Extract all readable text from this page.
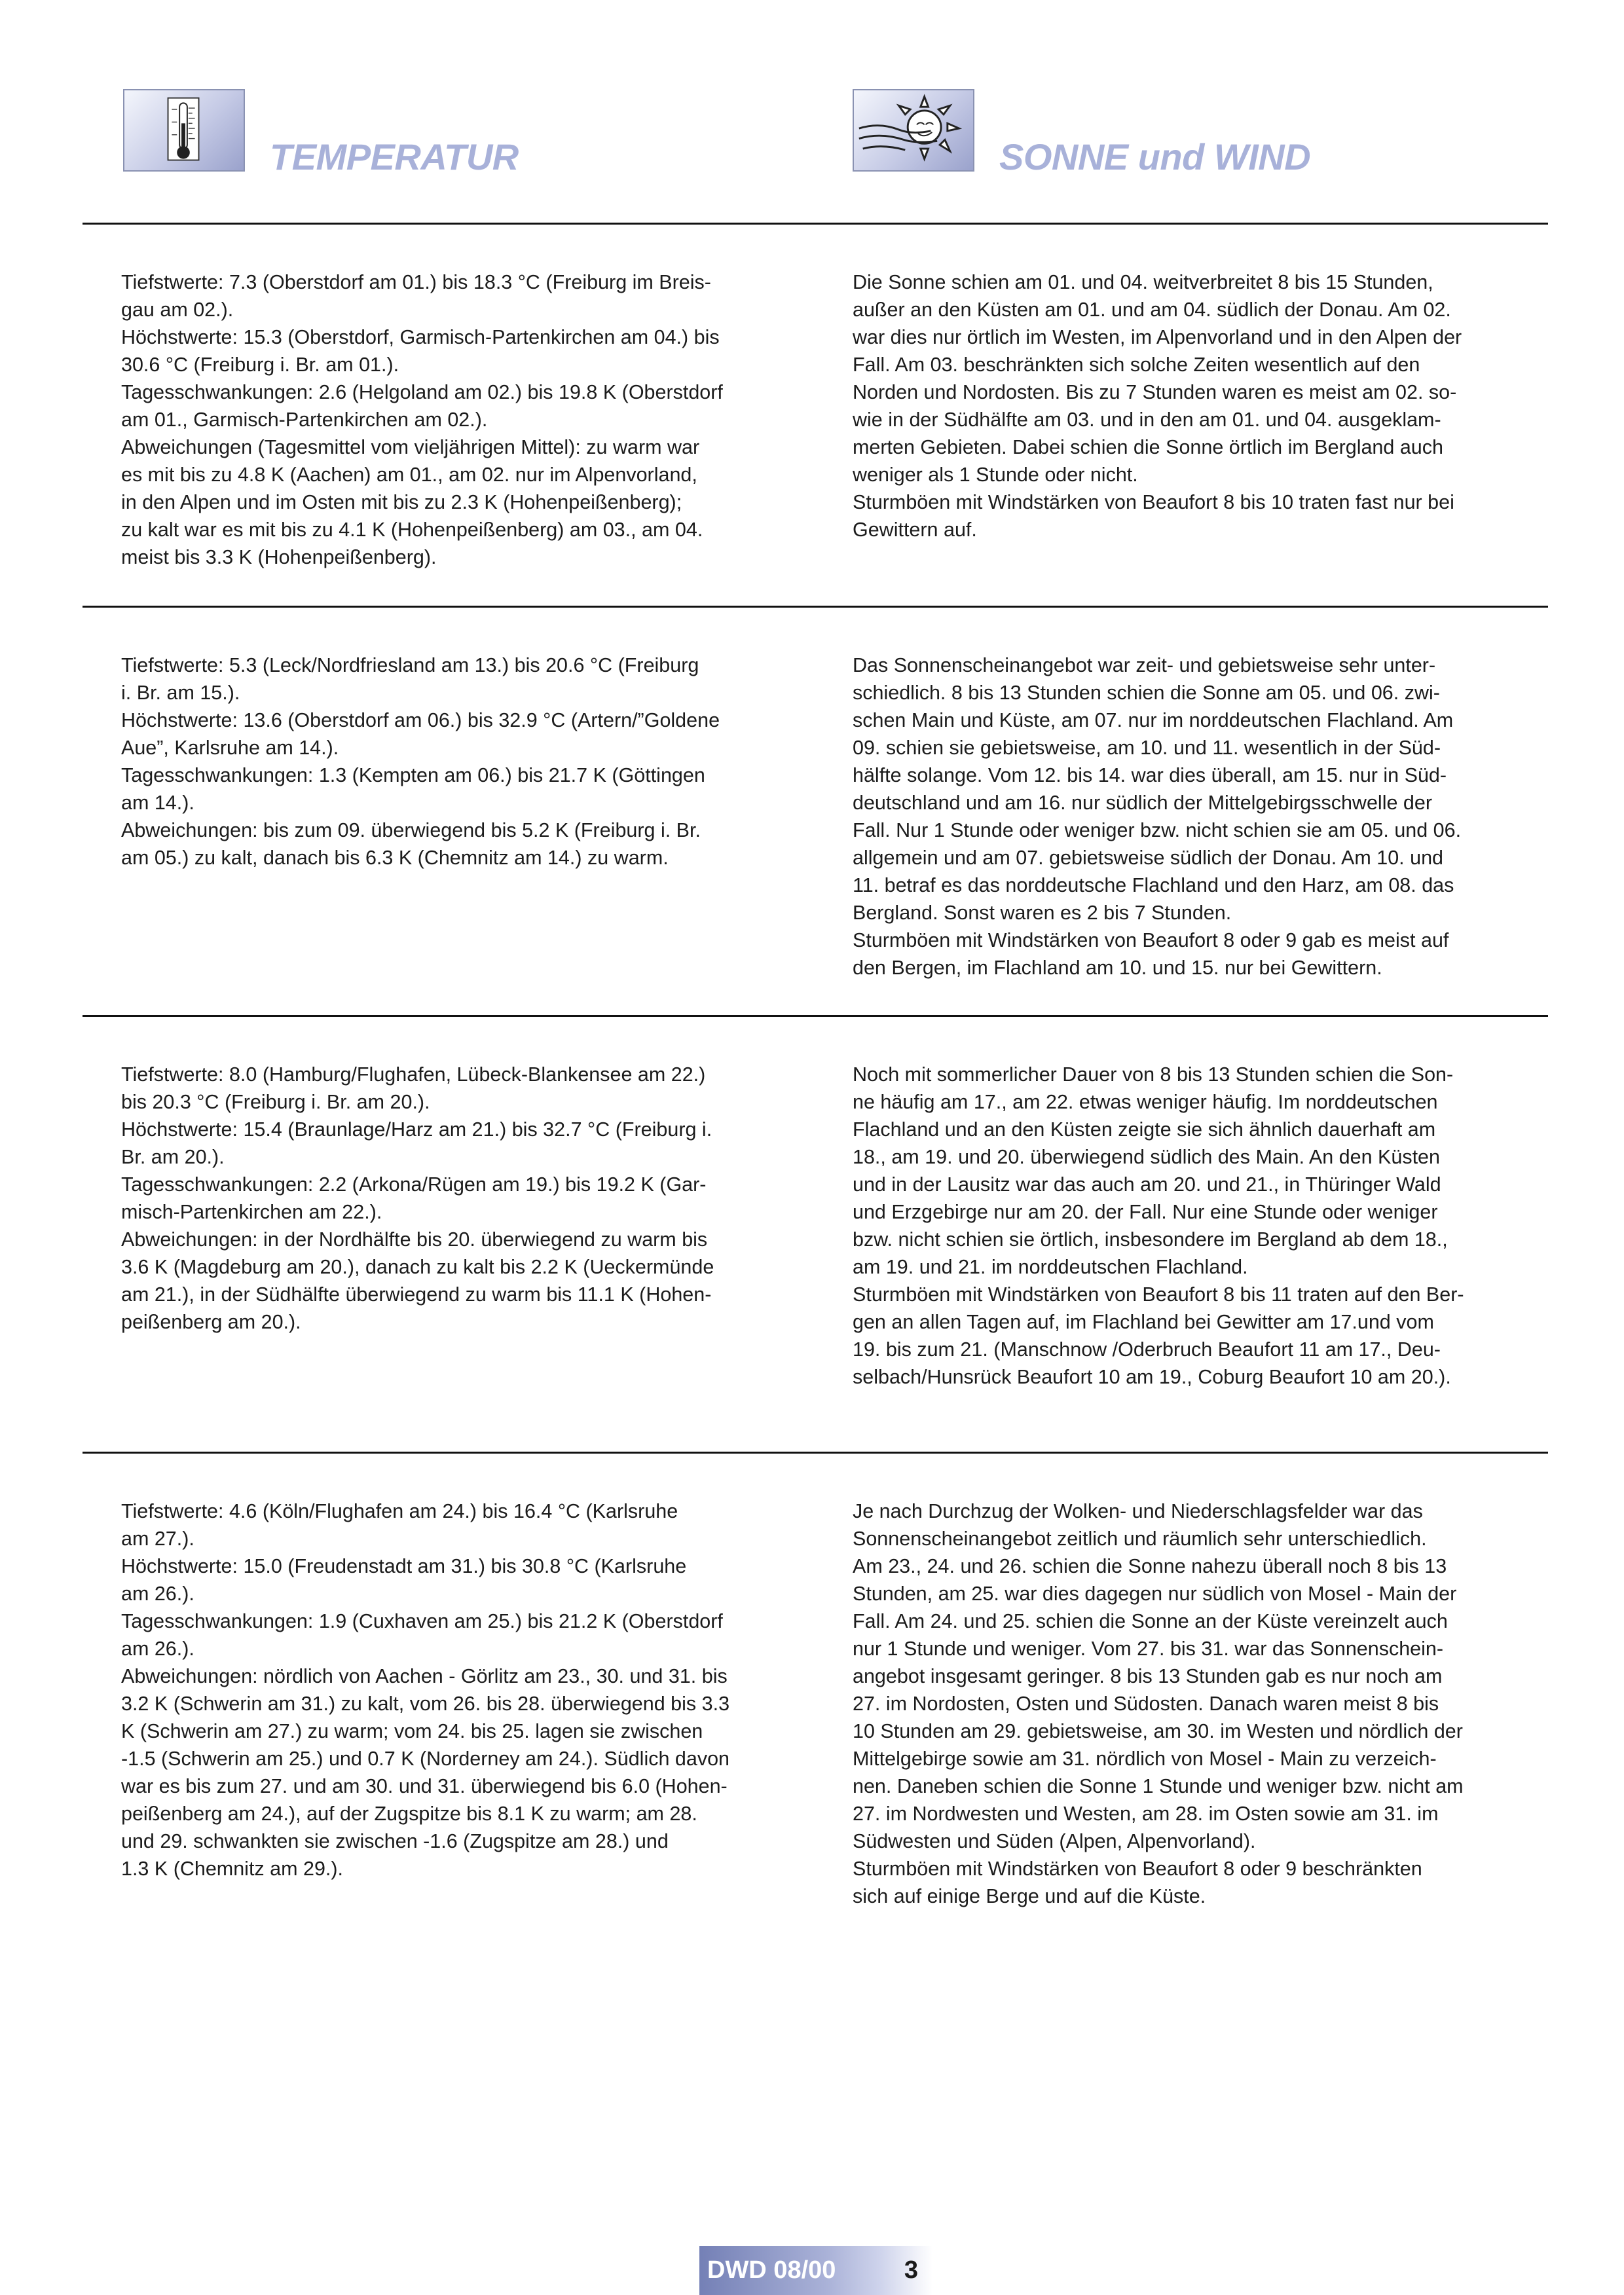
TEMPERATUR	SONNE und WIND
Tiefstwerte: 7.3 (Oberstdorf am 01.) bis 18.3 °C (Freiburg im Breis-
gau am 02.).
Höchstwerte: 15.3 (Oberstdorf, Garmisch-Partenkirchen am 04.) bis
30.6 °C (Freiburg i. Br. am 01.).
Tagesschwankungen: 2.6 (Helgoland am 02.) bis 19.8 K (Oberstdorf
am 01., Garmisch-Partenkirchen am 02.).
Abweichungen (Tagesmittel vom vieljährigen Mittel): zu warm war
es mit bis zu 4.8 K (Aachen) am 01., am 02. nur im Alpenvorland,
in den Alpen und im Osten mit bis zu 2.3 K (Hohenpeißenberg);
zu kalt war es mit bis zu 4.1 K (Hohenpeißenberg) am 03., am 04.
meist bis 3.3 K (Hohenpeißenberg).
Die Sonne schien am 01. und 04. weitverbreitet 8 bis 15 Stunden,
außer an den Küsten am 01. und am 04. südlich der Donau. Am 02.
war dies nur örtlich im Westen, im Alpenvorland und in den Alpen der
Fall. Am 03. beschränkten sich solche Zeiten wesentlich auf den
Norden und Nordosten. Bis zu 7 Stunden waren es meist am 02. so-
wie in der Südhälfte am 03. und in den am 01. und 04. ausgeklam-
merten Gebieten. Dabei schien die Sonne örtlich im Bergland auch
weniger als 1 Stunde oder nicht.
Sturmböen mit Windstärken von Beaufort 8 bis 10 traten fast nur bei
Gewittern auf.
Tiefstwerte: 5.3 (Leck/Nordfriesland am 13.) bis 20.6 °C (Freiburg
i. Br. am 15.).
Höchstwerte: 13.6 (Oberstdorf am 06.) bis 32.9 °C (Artern/”Goldene
Aue”, Karlsruhe am 14.).
Tagesschwankungen: 1.3 (Kempten am 06.) bis 21.7 K (Göttingen
am 14.).
Abweichungen: bis zum 09. überwiegend bis 5.2 K (Freiburg i. Br.
am 05.) zu kalt, danach bis 6.3 K (Chemnitz am 14.) zu warm.
Das Sonnenscheinangebot war zeit- und gebietsweise sehr unter-
schiedlich. 8 bis 13 Stunden schien die Sonne am 05. und 06. zwi-
schen Main und Küste, am 07. nur im norddeutschen Flachland. Am
09. schien sie gebietsweise, am 10. und 11. wesentlich in der Süd-
hälfte solange. Vom 12. bis 14. war dies überall, am 15. nur in Süd-
deutschland und am 16. nur südlich der Mittelgebirgsschwelle der
Fall. Nur 1 Stunde oder weniger bzw. nicht schien sie am 05. und 06.
allgemein und am 07. gebietsweise südlich der Donau. Am 10. und
11. betraf es das norddeutsche Flachland und den Harz, am 08. das
Bergland. Sonst waren es 2 bis 7 Stunden.
Sturmböen mit Windstärken von Beaufort 8 oder 9 gab es meist auf
den Bergen, im Flachland am 10. und 15. nur bei Gewittern.
Tiefstwerte: 8.0 (Hamburg/Flughafen, Lübeck-Blankensee am 22.)
bis 20.3 °C (Freiburg i. Br. am 20.).
Höchstwerte: 15.4 (Braunlage/Harz am 21.) bis 32.7 °C (Freiburg i.
Br. am 20.).
Tagesschwankungen: 2.2 (Arkona/Rügen am 19.) bis 19.2 K (Gar-
misch-Partenkirchen am 22.).
Abweichungen: in der Nordhälfte bis 20. überwiegend zu warm bis
3.6 K (Magdeburg am 20.), danach zu kalt bis 2.2 K (Ueckermünde
am 21.), in der Südhälfte überwiegend zu warm bis 11.1 K (Hohen-
peißenberg am 20.).
Noch mit sommerlicher Dauer von 8 bis 13 Stunden schien die Son-
ne häufig am 17., am 22. etwas weniger häufig. Im norddeutschen
Flachland und an den Küsten zeigte sie sich ähnlich dauerhaft am
18., am 19. und 20. überwiegend südlich des Main. An den Küsten
und in der Lausitz war das auch am 20. und 21., in Thüringer Wald
und Erzgebirge nur am 20. der Fall. Nur eine Stunde oder weniger
bzw. nicht schien sie örtlich, insbesondere im Bergland ab dem 18.,
am 19. und 21. im norddeutschen Flachland.
Sturmböen mit Windstärken von Beaufort 8 bis 11 traten auf den Ber-
gen an allen Tagen auf, im Flachland bei Gewitter am 17.und vom
19. bis zum 21. (Manschnow /Oderbruch Beaufort 11 am 17., Deu-
selbach/Hunsrück Beaufort 10 am 19., Coburg Beaufort 10 am 20.).
Tiefstwerte: 4.6 (Köln/Flughafen am 24.) bis 16.4 °C (Karlsruhe
am 27.).
Höchstwerte: 15.0 (Freudenstadt am 31.) bis 30.8 °C (Karlsruhe
am 26.).
Tagesschwankungen: 1.9 (Cuxhaven am 25.) bis 21.2 K (Oberstdorf
am 26.).
Abweichungen: nördlich von Aachen - Görlitz am 23., 30. und 31. bis
3.2 K (Schwerin am 31.) zu kalt, vom 26. bis 28. überwiegend bis 3.3
K (Schwerin am 27.) zu warm; vom 24. bis 25. lagen sie zwischen
-1.5 (Schwerin am 25.) und 0.7 K (Norderney am 24.). Südlich davon
war es bis zum 27. und am 30. und 31. überwiegend bis 6.0 (Hohen-
peißenberg am 24.), auf der Zugspitze bis 8.1 K zu warm; am 28.
und 29. schwankten sie zwischen -1.6 (Zugspitze am 28.) und
1.3 K (Chemnitz am 29.).
Je nach Durchzug der Wolken- und Niederschlagsfelder war das
Sonnenscheinangebot zeitlich und räumlich sehr unterschiedlich.
Am 23., 24. und 26. schien die Sonne nahezu überall noch 8 bis 13
Stunden, am 25. war dies dagegen nur südlich von Mosel - Main der
Fall. Am 24. und 25. schien die Sonne an der Küste vereinzelt auch
nur 1 Stunde und weniger. Vom 27. bis 31. war das Sonnenschein-
angebot insgesamt geringer. 8 bis 13 Stunden gab es nur noch am
27. im Nordosten, Osten und Südosten. Danach waren meist 8 bis
10 Stunden am 29. gebietsweise, am 30. im Westen und nördlich der
Mittelgebirge sowie am 31. nördlich von Mosel - Main zu verzeich-
nen. Daneben schien die Sonne 1 Stunde und weniger bzw. nicht am
27. im Nordwesten und Westen, am 28. im Osten sowie am 31. im
Südwesten und Süden (Alpen, Alpenvorland).
Sturmböen mit Windstärken von Beaufort 8 oder 9 beschränkten
sich auf einige Berge und auf die Küste.
DWD 08/00	3
